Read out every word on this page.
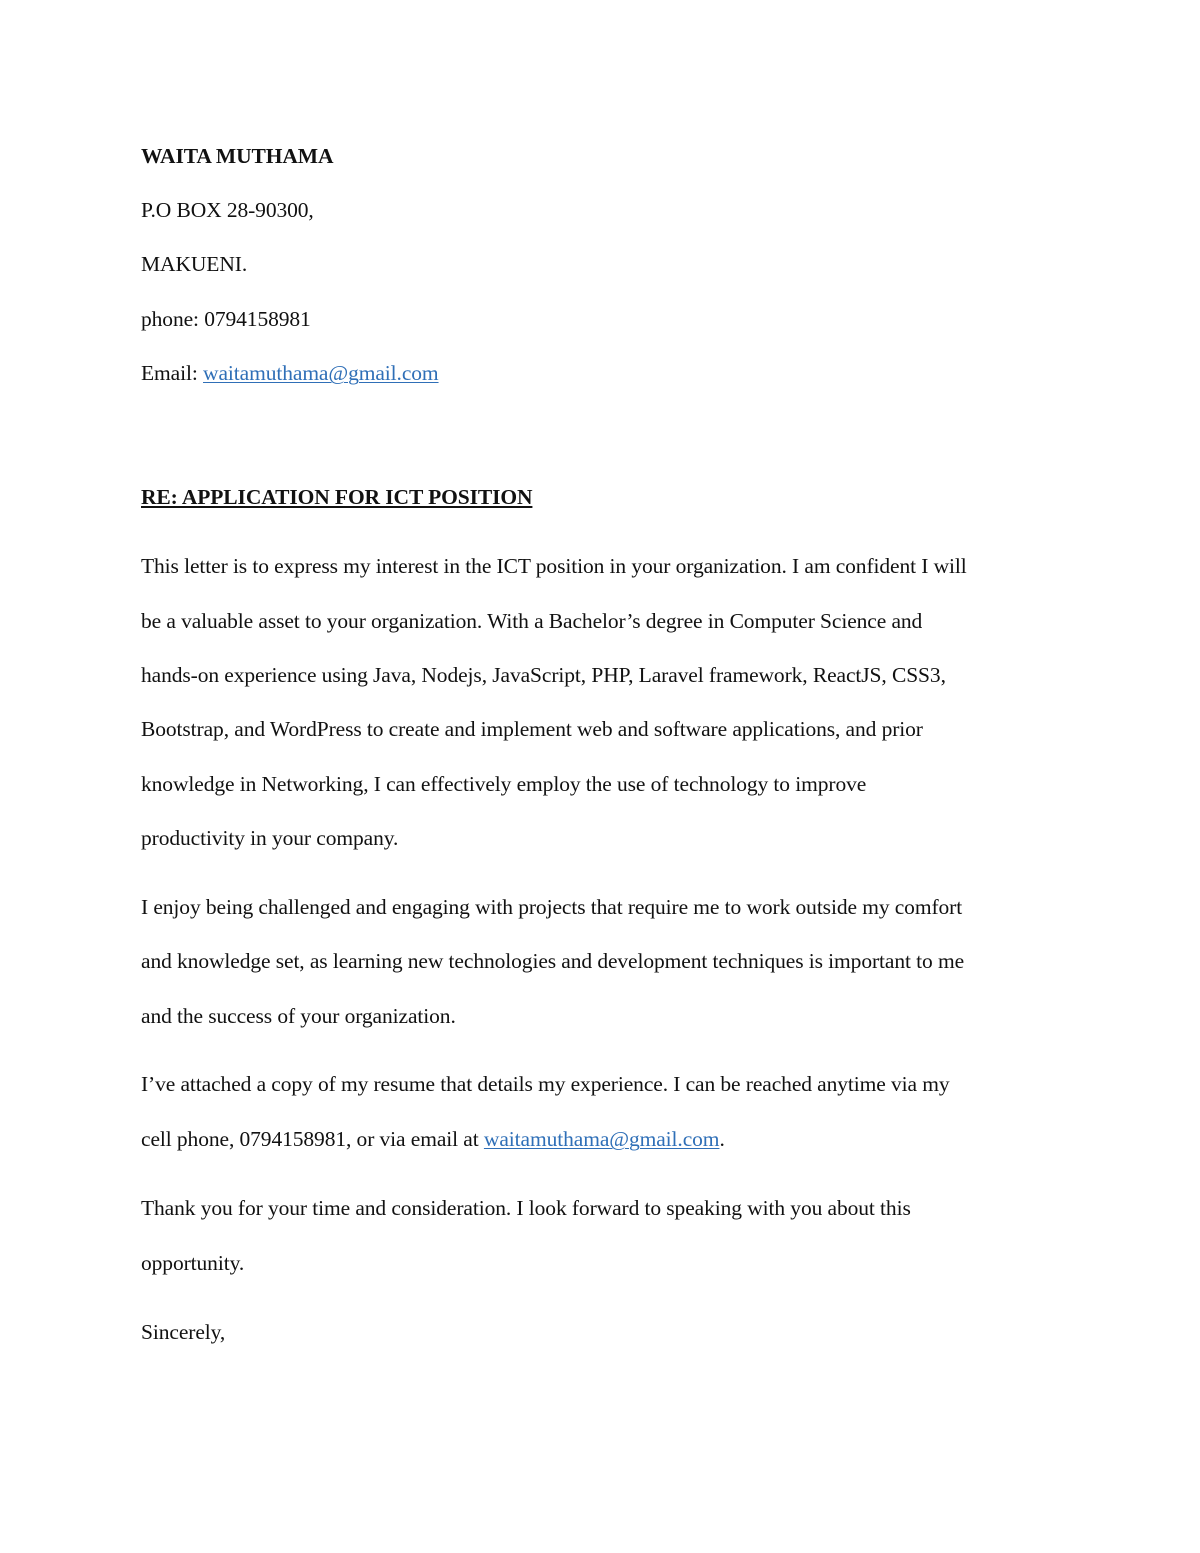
WAITA MUTHAMA

P.O BOX 28-90300,

MAKUENI.

phone: 0794158981

Email: waitamuthama@gmail.com

RE: APPLICATION FOR ICT POSITION

This letter is to express my interest in the ICT position in your organization. I am confident I will

be a valuable asset to your organization. With a Bachelor’s degree in Computer Science and

hands-on experience using Java, Nodejs, JavaScript, PHP, Laravel framework, ReactJS, CSS3,

Bootstrap, and WordPress to create and implement web and software applications, and prior

knowledge in Networking, I can effectively employ the use of technology to improve

productivity in your company.

I enjoy being challenged and engaging with projects that require me to work outside my comfort

and knowledge set, as learning new technologies and development techniques is important to me

and the success of your organization.

I’ve attached a copy of my resume that details my experience. I can be reached anytime via my

cell phone, 0794158981, or via email at waitamuthama@gmail.com.

Thank you for your time and consideration. I look forward to speaking with you about this

opportunity.

Sincerely,
